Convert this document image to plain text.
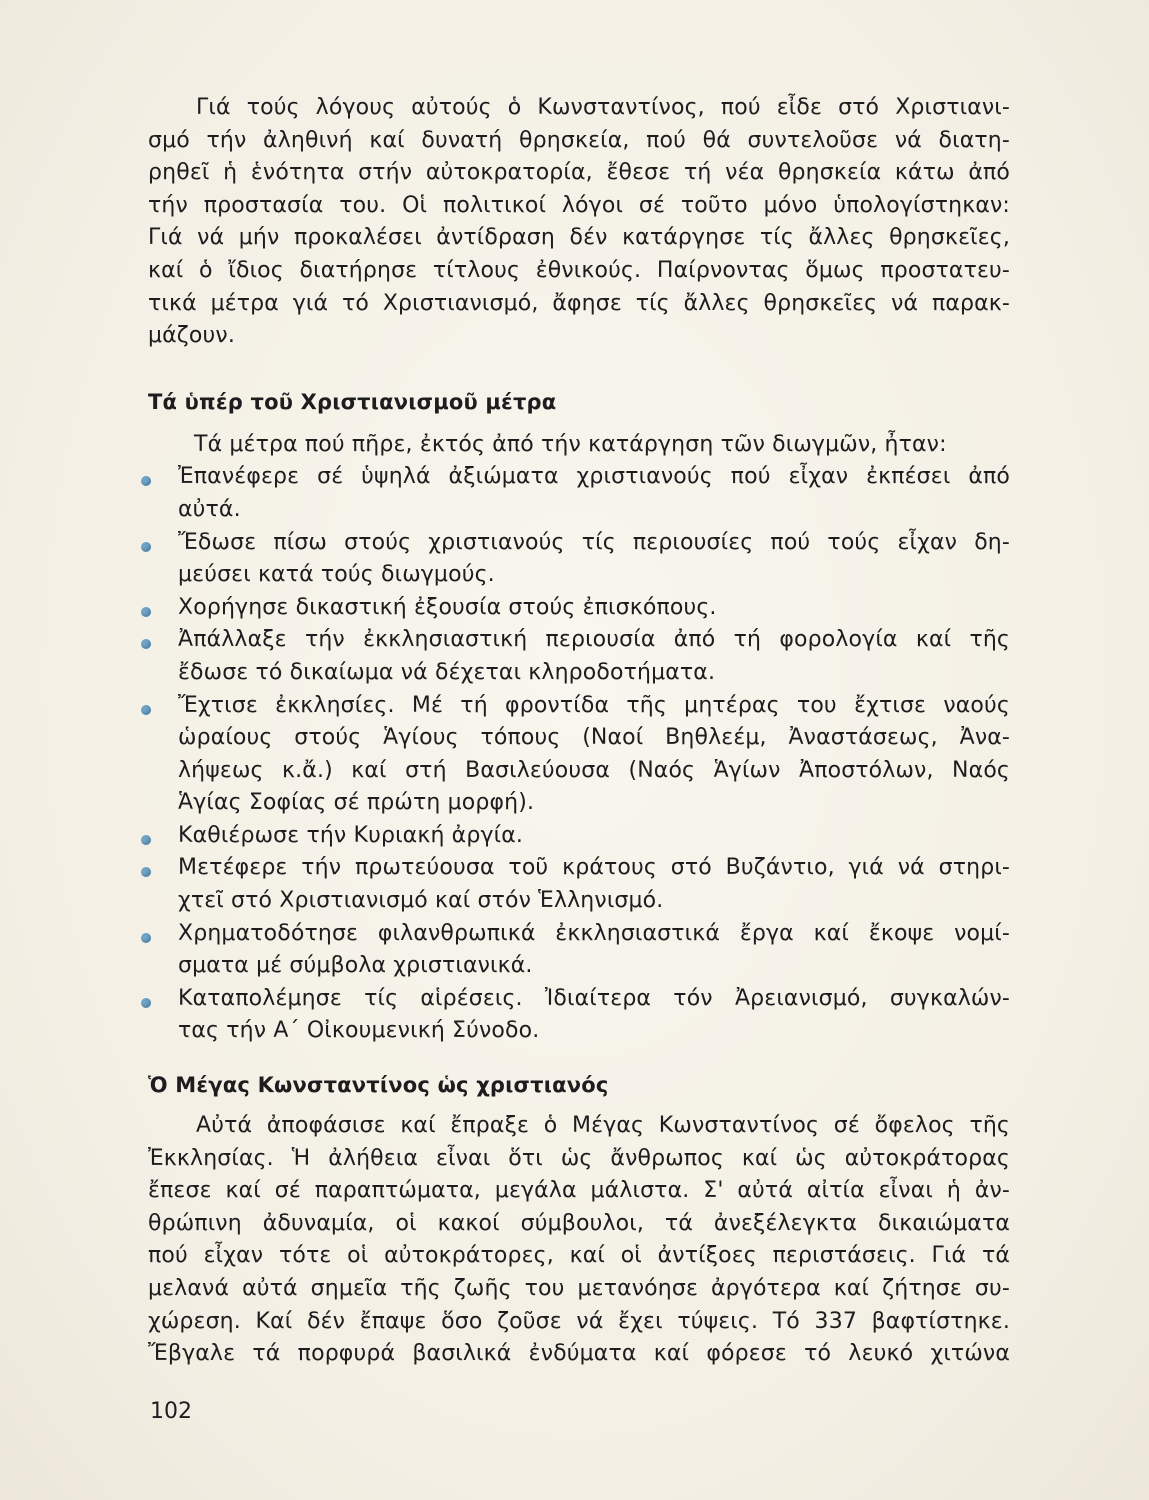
Γιά τούς λόγους αὐτούς ὁ Κωνσταντίνος, πού εἶδε στό Χριστιανι-
σμό τήν ἀληθινή καί δυνατή θρησκεία, πού θά συντελοῦσε νά διατη-
ρηθεῖ ἡ ἑνότητα στήν αὐτοκρατορία, ἔθεσε τή νέα θρησκεία κάτω ἀπό
τήν προστασία του. Οἱ πολιτικοί λόγοι σέ τοῦτο μόνο ὑπολογίστηκαν:
Γιά νά μήν προκαλέσει ἀντίδραση δέν κατάργησε τίς ἄλλες θρησκεῖες,
καί ὁ ἴδιος διατήρησε τίτλους ἐθνικούς. Παίρνοντας ὅμως προστατευ-
τικά μέτρα γιά τό Χριστιανισμό, ἄφησε τίς ἄλλες θρησκεῖες νά παρακ-
μάζουν.
Τά ὑπέρ τοῦ Χριστιανισμοῦ μέτρα
Τά μέτρα πού πῆρε, ἐκτός ἀπό τήν κατάργηση τῶν διωγμῶν, ἦταν:
Ἐπανέφερε σέ ὑψηλά ἀξιώματα χριστιανούς πού εἶχαν ἐκπέσει ἀπό
αὐτά.
Ἔδωσε πίσω στούς χριστιανούς τίς περιουσίες πού τούς εἶχαν δη-
μεύσει κατά τούς διωγμούς.
Χορήγησε δικαστική ἐξουσία στούς ἐπισκόπους.
Ἀπάλλαξε τήν ἐκκλησιαστική περιουσία ἀπό τή φορολογία καί τῆς
ἔδωσε τό δικαίωμα νά δέχεται κληροδοτήματα.
Ἔχτισε ἐκκλησίες. Μέ τή φροντίδα τῆς μητέρας του ἔχτισε ναούς
ὡραίους στούς Ἁγίους τόπους (Ναοί Βηθλεέμ, Ἀναστάσεως, Ἀνα-
λήψεως κ.ἄ.) καί στή Βασιλεύουσα (Ναός Ἁγίων Ἀποστόλων, Ναός
Ἁγίας Σοφίας σέ πρώτη μορφή).
Καθιέρωσε τήν Κυριακή ἀργία.
Μετέφερε τήν πρωτεύουσα τοῦ κράτους στό Βυζάντιο, γιά νά στηρι-
χτεῖ στό Χριστιανισμό καί στόν Ἑλληνισμό.
Χρηματοδότησε φιλανθρωπικά ἐκκλησιαστικά ἔργα καί ἔκοψε νομί-
σματα μέ σύμβολα χριστιανικά.
Καταπολέμησε τίς αἱρέσεις. Ἰδιαίτερα τόν Ἀρειανισμό, συγκαλών-
τας τήν Α΄ Οἰκουμενική Σύνοδο.
Ὁ Μέγας Κωνσταντίνος ὡς χριστιανός
Αὐτά ἀποφάσισε καί ἔπραξε ὁ Μέγας Κωνσταντίνος σέ ὄφελος τῆς
Ἐκκλησίας. Ἡ ἀλήθεια εἶναι ὅτι ὡς ἄνθρωπος καί ὡς αὐτοκράτορας
ἔπεσε καί σέ παραπτώματα, μεγάλα μάλιστα. Σ' αὐτά αἰτία εἶναι ἡ ἀν-
θρώπινη ἀδυναμία, οἱ κακοί σύμβουλοι, τά ἀνεξέλεγκτα δικαιώματα
πού εἶχαν τότε οἱ αὐτοκράτορες, καί οἱ ἀντίξοες περιστάσεις. Γιά τά
μελανά αὐτά σημεῖα τῆς ζωῆς του μετανόησε ἀργότερα καί ζήτησε συ-
χώρεση. Καί δέν ἔπαψε ὅσο ζοῦσε νά ἔχει τύψεις. Τό 337 βαφτίστηκε.
Ἔβγαλε τά πορφυρά βασιλικά ἐνδύματα καί φόρεσε τό λευκό χιτώνα
102
